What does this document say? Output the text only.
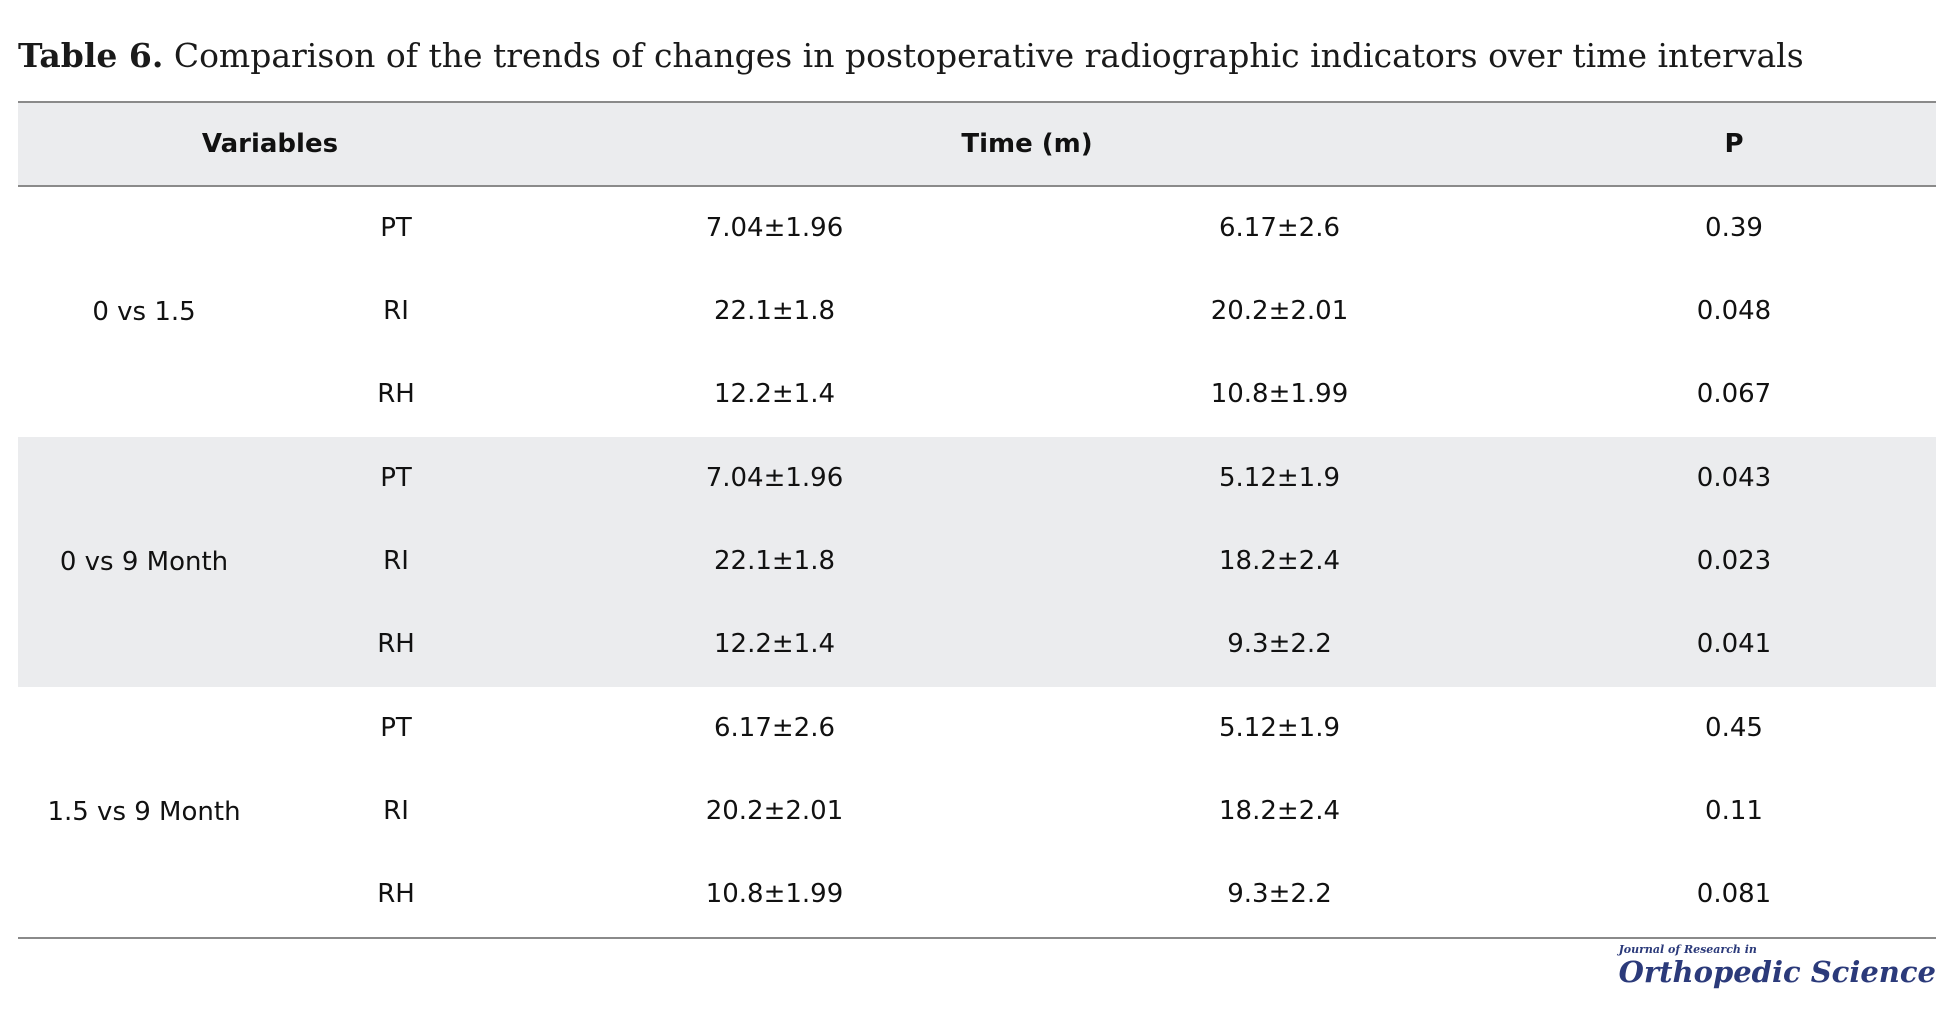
Table 6. Comparison of the trends of changes in postoperative radiographic indicators over time intervals
Variables	Time (m)	P
0 vs 1.5
PT	7.04±1.96	6.17±2.6	0.39
RI	22.1±1.8	20.2±2.01	0.048
RH	12.2±1.4	10.8±1.99	0.067
0 vs 9 Month
PT	7.04±1.96	5.12±1.9	0.043
RI	22.1±1.8	18.2±2.4	0.023
RH	12.2±1.4	9.3±2.2	0.041
1.5 vs 9 Month
PT	6.17±2.6	5.12±1.9	0.45
RI	20.2±2.01	18.2±2.4	0.11
RH	10.8±1.99	9.3±2.2	0.081
Journal of Research in
Orthopedic Science
